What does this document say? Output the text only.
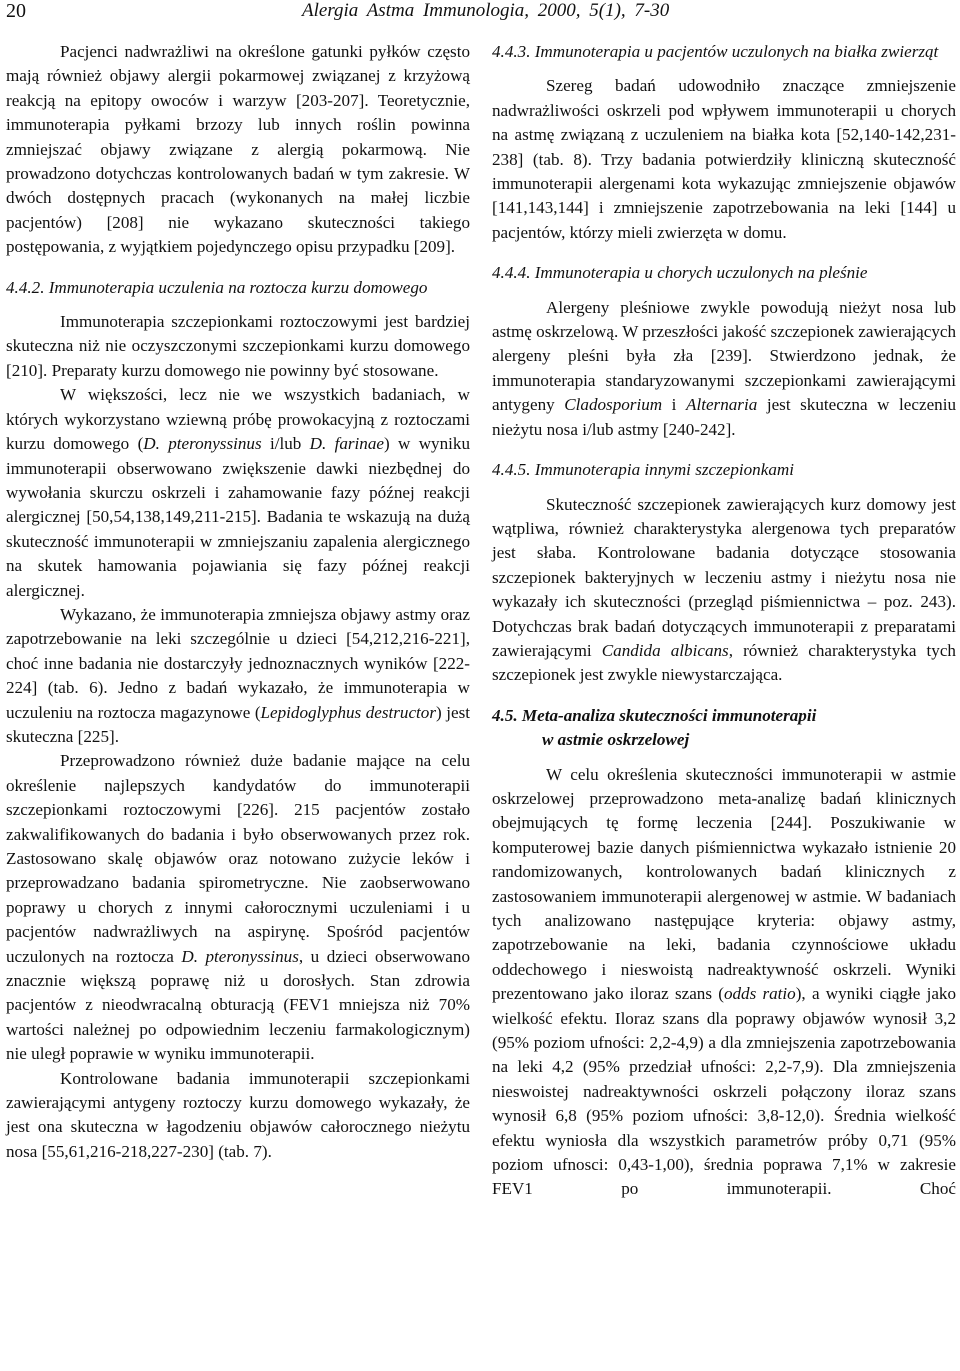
20	Alergia Astma Immunologia, 2000, 5(1), 7-30

Pacjenci nadwrażliwi na określone gatunki pyłków często mają również objawy alergii pokarmowej związanej z krzyżową reakcją na epitopy owoców i warzyw [203-207]. Teoretycznie, immunoterapia pyłkami brzozy lub innych roślin powinna zmniejszać objawy związane z alergią pokarmową. Nie prowadzono dotychczas kontrolowanych badań w tym zakresie. W dwóch dostępnych pracach (wykonanych na małej liczbie pacjentów) [208] nie wykazano skuteczności takiego postępowania, z wyjątkiem pojedynczego opisu przypadku [209].

4.4.2. Immunoterapia uczulenia na roztocza kurzu domowego

Immunoterapia szczepionkami roztoczowymi jest bardziej skuteczna niż nie oczyszczonymi szczepionkami kurzu domowego [210]. Preparaty kurzu domowego nie powinny być stosowane.

W większości, lecz nie we wszystkich badaniach, w których wykorzystano wziewną próbę prowokacyjną z roztoczami kurzu domowego (D. pteronyssinus i/lub D. farinae) w wyniku immunoterapii obserwowano zwiększenie dawki niezbędnej do wywołania skurczu oskrzeli i zahamowanie fazy późnej reakcji alergicznej [50,54,138,149,211-215]. Badania te wskazują na dużą skuteczność immunoterapii w zmniejszaniu zapalenia alergicznego na skutek hamowania pojawiania się fazy późnej reakcji alergicznej.

Wykazano, że immunoterapia zmniejsza objawy astmy oraz zapotrzebowanie na leki szczególnie u dzieci [54,212,216-221], choć inne badania nie dostarczyły jednoznacznych wyników [222-224] (tab. 6). Jedno z badań wykazało, że immunoterapia w uczuleniu na roztocza magazynowe (Lepidoglyphus destructor) jest skuteczna [225].

Przeprowadzono również duże badanie mające na celu określenie najlepszych kandydatów do immunoterapii szczepionkami roztoczowymi [226]. 215 pacjentów zostało zakwalifikowanych do badania i było obserwowanych przez rok. Zastosowano skalę objawów oraz notowano zużycie leków i przeprowadzano badania spirometryczne. Nie zaobserwowano poprawy u chorych z innymi całorocznymi uczuleniami i u pacjentów nadwrażliwych na aspirynę. Spośród pacjentów uczulonych na roztocza D. pteronyssinus, u dzieci obserwowano znacznie większą poprawę niż u dorosłych. Stan zdrowia pacjentów z nieodwracalną obturacją (FEV1 mniejsza niż 70% wartości należnej po odpowiednim leczeniu farmakologicznym) nie uległ poprawie w wyniku immunoterapii.

Kontrolowane badania immunoterapii szczepionkami zawierającymi antygeny roztoczy kurzu domowego wykazały, że jest ona skuteczna w łagodzeniu objawów całorocznego nieżytu nosa [55,61,216-218,227-230] (tab. 7).

4.4.3. Immunoterapia u pacjentów uczulonych na białka zwierząt

Szereg badań udowodniło znaczące zmniejszenie nadwrażliwości oskrzeli pod wpływem immunoterapii u chorych na astmę związaną z uczuleniem na białka kota [52,140-142,231-238] (tab. 8). Trzy badania potwierdziły kliniczną skuteczność immunoterapii alergenami kota wykazując zmniejszenie objawów [141,143,144] i zmniejszenie zapotrzebowania na leki [144] u pacjentów, którzy mieli zwierzęta w domu.

4.4.4. Immunoterapia u chorych uczulonych na pleśnie

Alergeny pleśniowe zwykle powodują nieżyt nosa lub astmę oskrzelową. W przeszłości jakość szczepionek zawierających alergeny pleśni była zła [239]. Stwierdzono jednak, że immunoterapia standaryzowanymi szczepionkami zawierającymi antygeny Cladosporium i Alternaria jest skuteczna w leczeniu nieżytu nosa i/lub astmy [240-242].

4.4.5. Immunoterapia innymi szczepionkami

Skuteczność szczepionek zawierających kurz domowy jest wątpliwa, również charakterystyka alergenowa tych preparatów jest słaba. Kontrolowane badania dotyczące stosowania szczepionek bakteryjnych w leczeniu astmy i nieżytu nosa nie wykazały ich skuteczności (przegląd piśmiennictwa – poz. 243). Dotychczas brak badań dotyczących immunoterapii z preparatami zawierającymi Candida albicans, również charakterystyka tych szczepionek jest zwykle niewystarczająca.

4.5. Meta-analiza skuteczności immunoterapii
w astmie oskrzelowej

W celu określenia skuteczności immunoterapii w astmie oskrzelowej przeprowadzono meta-analizę badań klinicznych obejmujących tę formę leczenia [244]. Poszukiwanie w komputerowej bazie danych piśmiennictwa wykazało istnienie 20 randomizowanych, kontrolowanych badań klinicznych z zastosowaniem immunoterapii alergenowej w astmie. W badaniach tych analizowano następujące kryteria: objawy astmy, zapotrzebowanie na leki, badania czynnościowe układu oddechowego i nieswoistą nadreaktywność oskrzeli. Wyniki prezentowano jako iloraz szans (odds ratio), a wyniki ciągłe jako wielkość efektu. Iloraz szans dla poprawy objawów wynosił 3,2 (95% poziom ufności: 2,2-4,9) a dla zmniejszenia zapotrzebowania na leki 4,2 (95% przedział ufności: 2,2-7,9). Dla zmniejszenia nieswoistej nadreaktywności oskrzeli połączony iloraz szans wynosił 6,8 (95% poziom ufności: 3,8-12,0). Średnia wielkość efektu wyniosła dla wszystkich parametrów próby 0,71 (95% poziom ufnosci: 0,43-1,00), średnia poprawa 7,1% w zakresie FEV1 po immunoterapii. Choć
